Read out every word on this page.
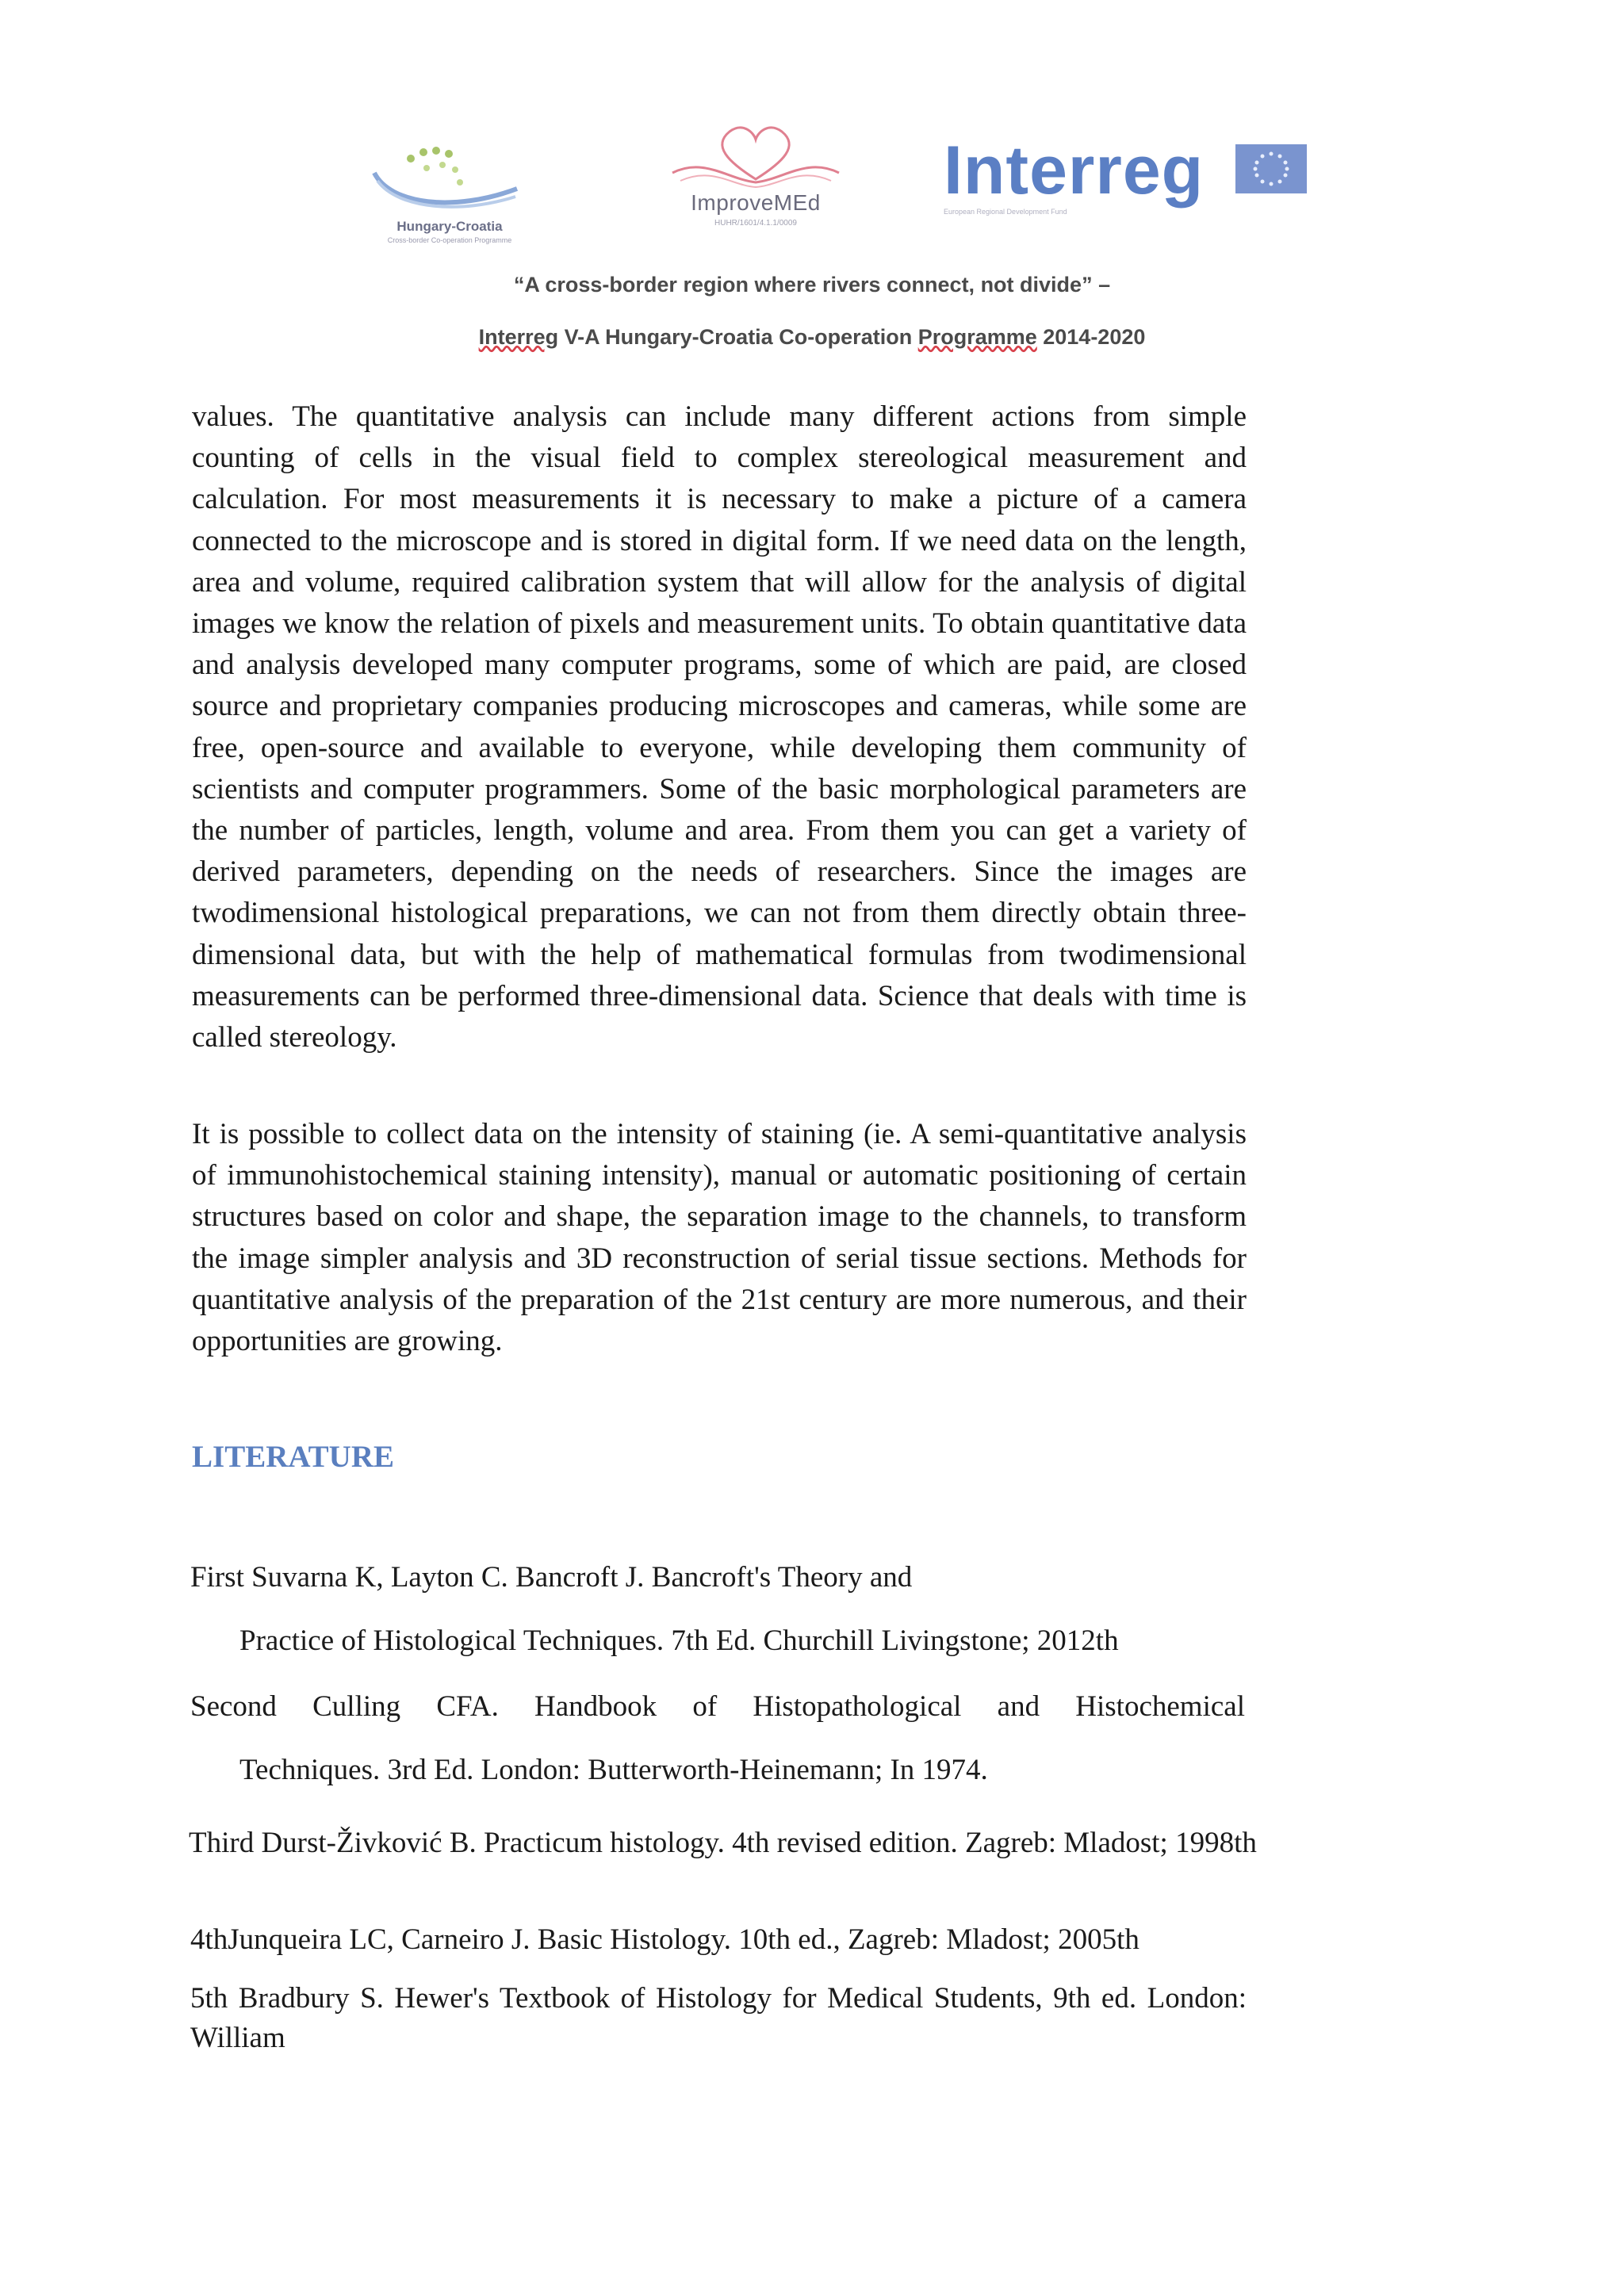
Hungary-Croatia
Cross-border Co-operation Programme
ImproveMEd
HUHR/1601/4.1.1/0009
Interreg
European Regional Development Fund
“A cross-border region where rivers connect, not divide” –
Interreg V-A Hungary-Croatia Co-operation Programme 2014-2020
values. The quantitative analysis can include many different actions from simple counting of cells in the visual field to complex stereological measurement and calculation. For most measurements it is necessary to make a picture of a camera connected to the microscope and is stored in digital form. If we need data on the length, area and volume, required calibration system that will allow for the analysis of digital images we know the relation of pixels and measurement units. To obtain quantitative data and analysis developed many computer programs, some of which are paid, are closed source and proprietary companies producing microscopes and cameras, while some are free, open-source and available to everyone, while developing them community of scientists and computer programmers. Some of the basic morphological parameters are the number of particles, length, volume and area. From them you can get a variety of derived parameters, depending on the needs of researchers. Since the images are twodimensional histological preparations, we can not from them directly obtain three-dimensional data, but with the help of mathematical formulas from twodimensional measurements can be performed three-dimensional data. Science that deals with time is called stereology.
It is possible to collect data on the intensity of staining (ie. A semi-quantitative analysis of immunohistochemical staining intensity), manual or automatic positioning of certain structures based on color and shape, the separation image to the channels, to transform the image simpler analysis and 3D reconstruction of serial tissue sections. Methods for quantitative analysis of the preparation of the 21st century are more numerous, and their opportunities are growing.
LITERATURE
First Suvarna K, Layton C. Bancroft J. Bancroft's Theory and
Practice of Histological Techniques. 7th Ed. Churchill Livingstone; 2012th
Second Culling CFA. Handbook of Histopathological and Histochemical
Techniques. 3rd Ed. London: Butterworth-Heinemann; In 1974.
Third Durst-Živković B. Practicum histology. 4th revised edition. Zagreb: Mladost; 1998th
4thJunqueira LC, Carneiro J. Basic Histology. 10th ed., Zagreb: Mladost; 2005th
5th Bradbury S. Hewer's Textbook of Histology for Medical Students, 9th ed. London: William
